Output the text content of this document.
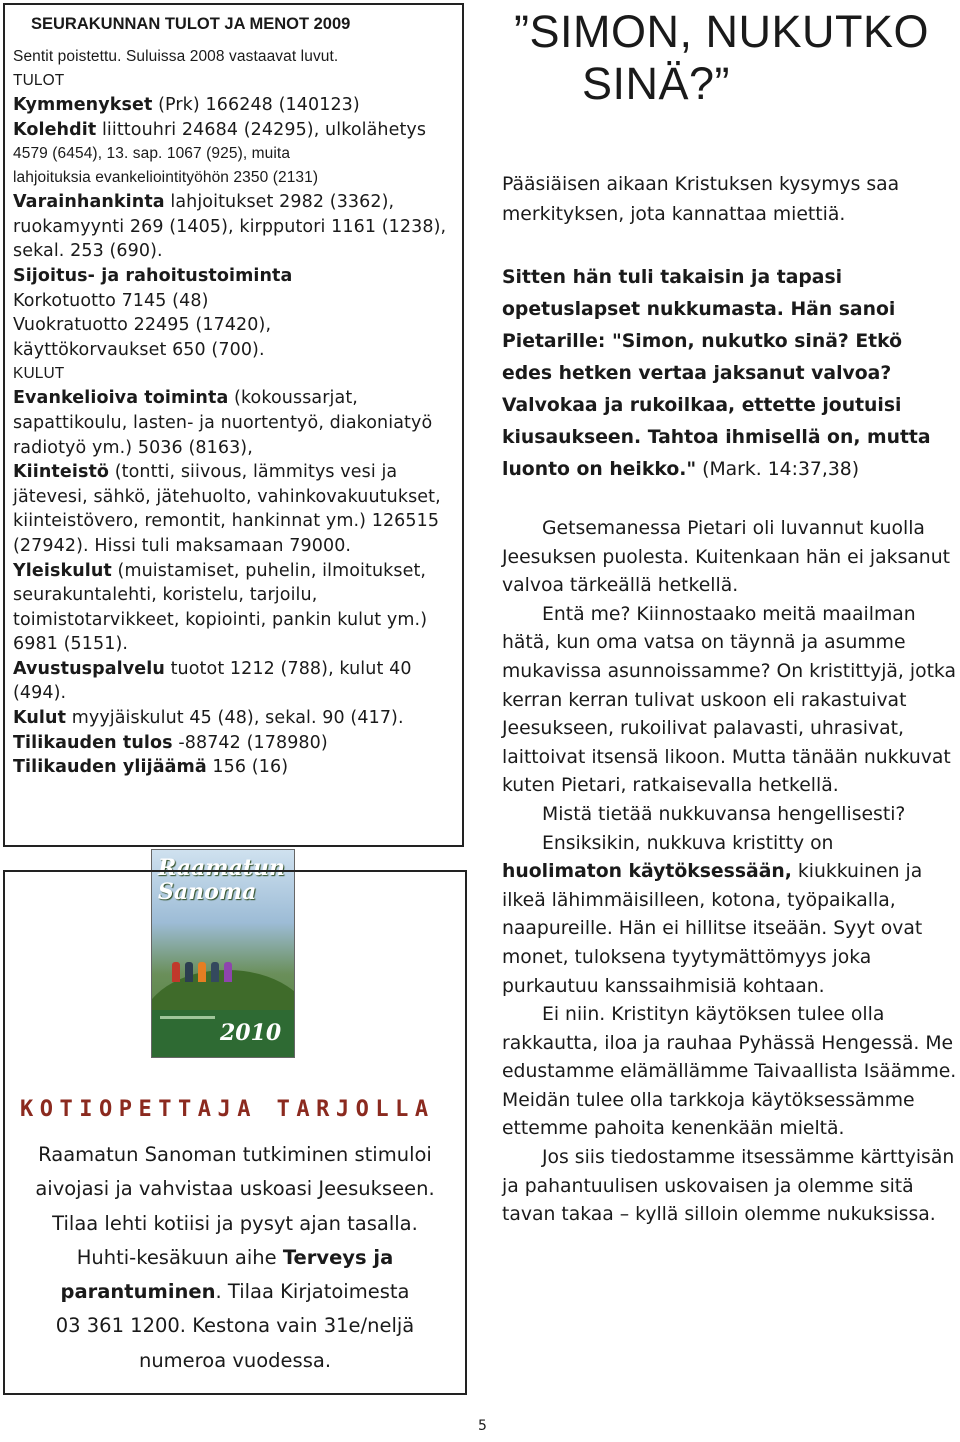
SEURAKUNNAN TULOT JA MENOT 2009
Sentit poistettu. Suluissa 2008 vastaavat luvut.
TULOT
Kymmenykset (Prk) 166248 (140123)
Kolehdit liittouhri 24684 (24295), ulkolähetys
4579 (6454), 13. sap. 1067 (925), muita
lahjoituksia evankeliointityöhön 2350 (2131)
Varainhankinta lahjoitukset 2982 (3362),
ruokamyynti 269 (1405), kirpputori 1161 (1238),
sekal. 253 (690).
Sijoitus- ja rahoitustoiminta
Korkotuotto 7145 (48)
Vuokratuotto 22495 (17420),
käyttökorvaukset 650 (700).
KULUT
Evankelioiva toiminta (kokoussarjat,
sapattikoulu, lasten- ja nuortentyö, diakoniatyö
radiotyö ym.) 5036 (8163),
Kiinteistö (tontti, siivous, lämmitys vesi ja
jätevesi, sähkö, jätehuolto, vahinkovakuutukset,
kiinteistövero, remontit, hankinnat ym.) 126515
(27942). Hissi tuli maksamaan 79000.
Yleiskulut (muistamiset, puhelin, ilmoitukset,
seurakuntalehti, koristelu, tarjoilu,
toimistotarvikkeet, kopiointi, pankin kulut ym.)
6981 (5151).
Avustuspalvelu tuotot 1212 (788), kulut 40
(494).
Kulut myyjäiskulut 45 (48), sekal. 90 (417).
Tilikauden tulos -88742 (178980)
Tilikauden ylijäämä 156 (16)
Raamatun Sanoma
2010
KOTIOPETTAJA TARJOLLA
Raamatun Sanoman tutkiminen stimuloi
aivojasi ja vahvistaa uskoasi Jeesukseen.
Tilaa lehti kotiisi ja pysyt ajan tasalla.
Huhti-kesäkuun aihe Terveys ja
parantuminen. Tilaa Kirjatoimesta
03 361 1200. Kestona vain 31e/neljä
numeroa vuodessa.
”SIMON, NUKUTKO
SINÄ?”
Pääsiäisen aikaan Kristuksen kysymys saa merkityksen, jota kannattaa miettiä.
Sitten hän tuli takaisin ja tapasi opetuslapset nukkumasta. Hän sanoi Pietarille: "Simon, nukutko sinä? Etkö edes hetken vertaa jaksanut valvoa? Valvokaa ja rukoilkaa, ettette joutuisi kiusaukseen. Tahtoa ihmisellä on, mutta luonto on heikko." (Mark. 14:37,38)

Getsemanessa Pietari oli luvannut kuolla Jeesuksen puolesta. Kuitenkaan hän ei jaksanut valvoa tärkeällä hetkellä.

Entä me? Kiinnostaako meitä maailman hätä, kun oma vatsa on täynnä ja asumme mukavissa asunnoissamme? On kristittyjä, jotka kerran kerran tulivat uskoon eli rakastuivat Jeesukseen, rukoilivat palavasti, uhrasivat, laittoivat itsensä likoon. Mutta tänään nukkuvat kuten Pietari, ratkaisevalla hetkellä.

Mistä tietää nukkuvansa hengellisesti?

Ensiksikin, nukkuva kristitty on huolimaton käytöksessään, kiukkuinen ja ilkeä lähimmäisilleen, kotona, työpaikalla, naapureille. Hän ei hillitse itseään. Syyt ovat monet, tuloksena tyytymättömyys joka purkautuu kanssaihmisiä kohtaan.

Ei niin. Kristityn käytöksen tulee olla rakkautta, iloa ja rauhaa Pyhässä Hengessä. Me edustamme elämällämme Taivaallista Isäämme. Meidän tulee olla tarkkoja käytöksessämme ettemme pahoita kenenkään mieltä.

Jos siis tiedostamme itsessämme kärttyisän ja pahantuulisen uskovaisen ja olemme sitä tavan takaa – kyllä silloin olemme nukuksissa.

5
